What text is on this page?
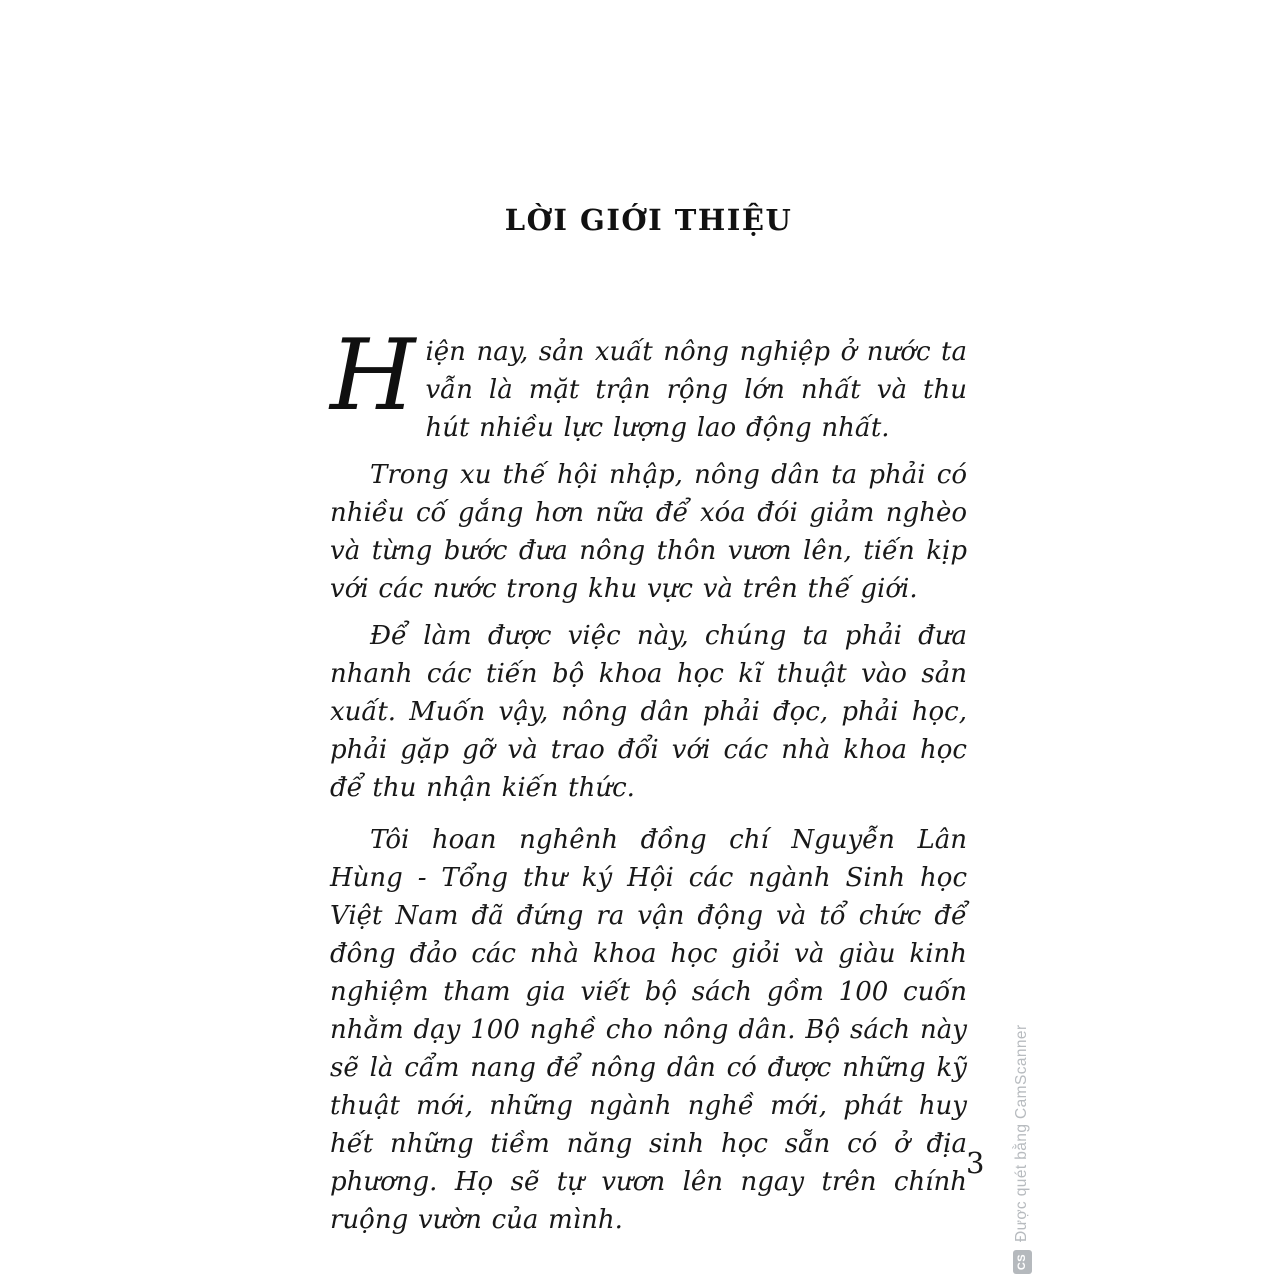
LỜI GIỚI THIỆU

Hiện nay, sản xuất nông nghiệp ở nước ta vẫn là mặt trận rộng lớn nhất và thu hút nhiều lực lượng lao động nhất.

Trong xu thế hội nhập, nông dân ta phải có nhiều cố gắng hơn nữa để xóa đói giảm nghèo và từng bước đưa nông thôn vươn lên, tiến kịp với các nước trong khu vực và trên thế giới.

Để làm được việc này, chúng ta phải đưa nhanh các tiến bộ khoa học kĩ thuật vào sản xuất. Muốn vậy, nông dân phải đọc, phải học, phải gặp gỡ và trao đổi với các nhà khoa học để thu nhận kiến thức.

Tôi hoan nghênh đồng chí Nguyễn Lân Hùng - Tổng thư ký Hội các ngành Sinh học Việt Nam đã đứng ra vận động và tổ chức để đông đảo các nhà khoa học giỏi và giàu kinh nghiệm tham gia viết bộ sách gồm 100 cuốn nhằm dạy 100 nghề cho nông dân. Bộ sách này sẽ là cẩm nang để nông dân có được những kỹ thuật mới, những ngành nghề mới, phát huy hết những tiềm năng sinh học sẵn có ở địa phương. Họ sẽ tự vươn lên ngay trên chính ruộng vườn của mình.

3
CS
Được quét bằng CamScanner
